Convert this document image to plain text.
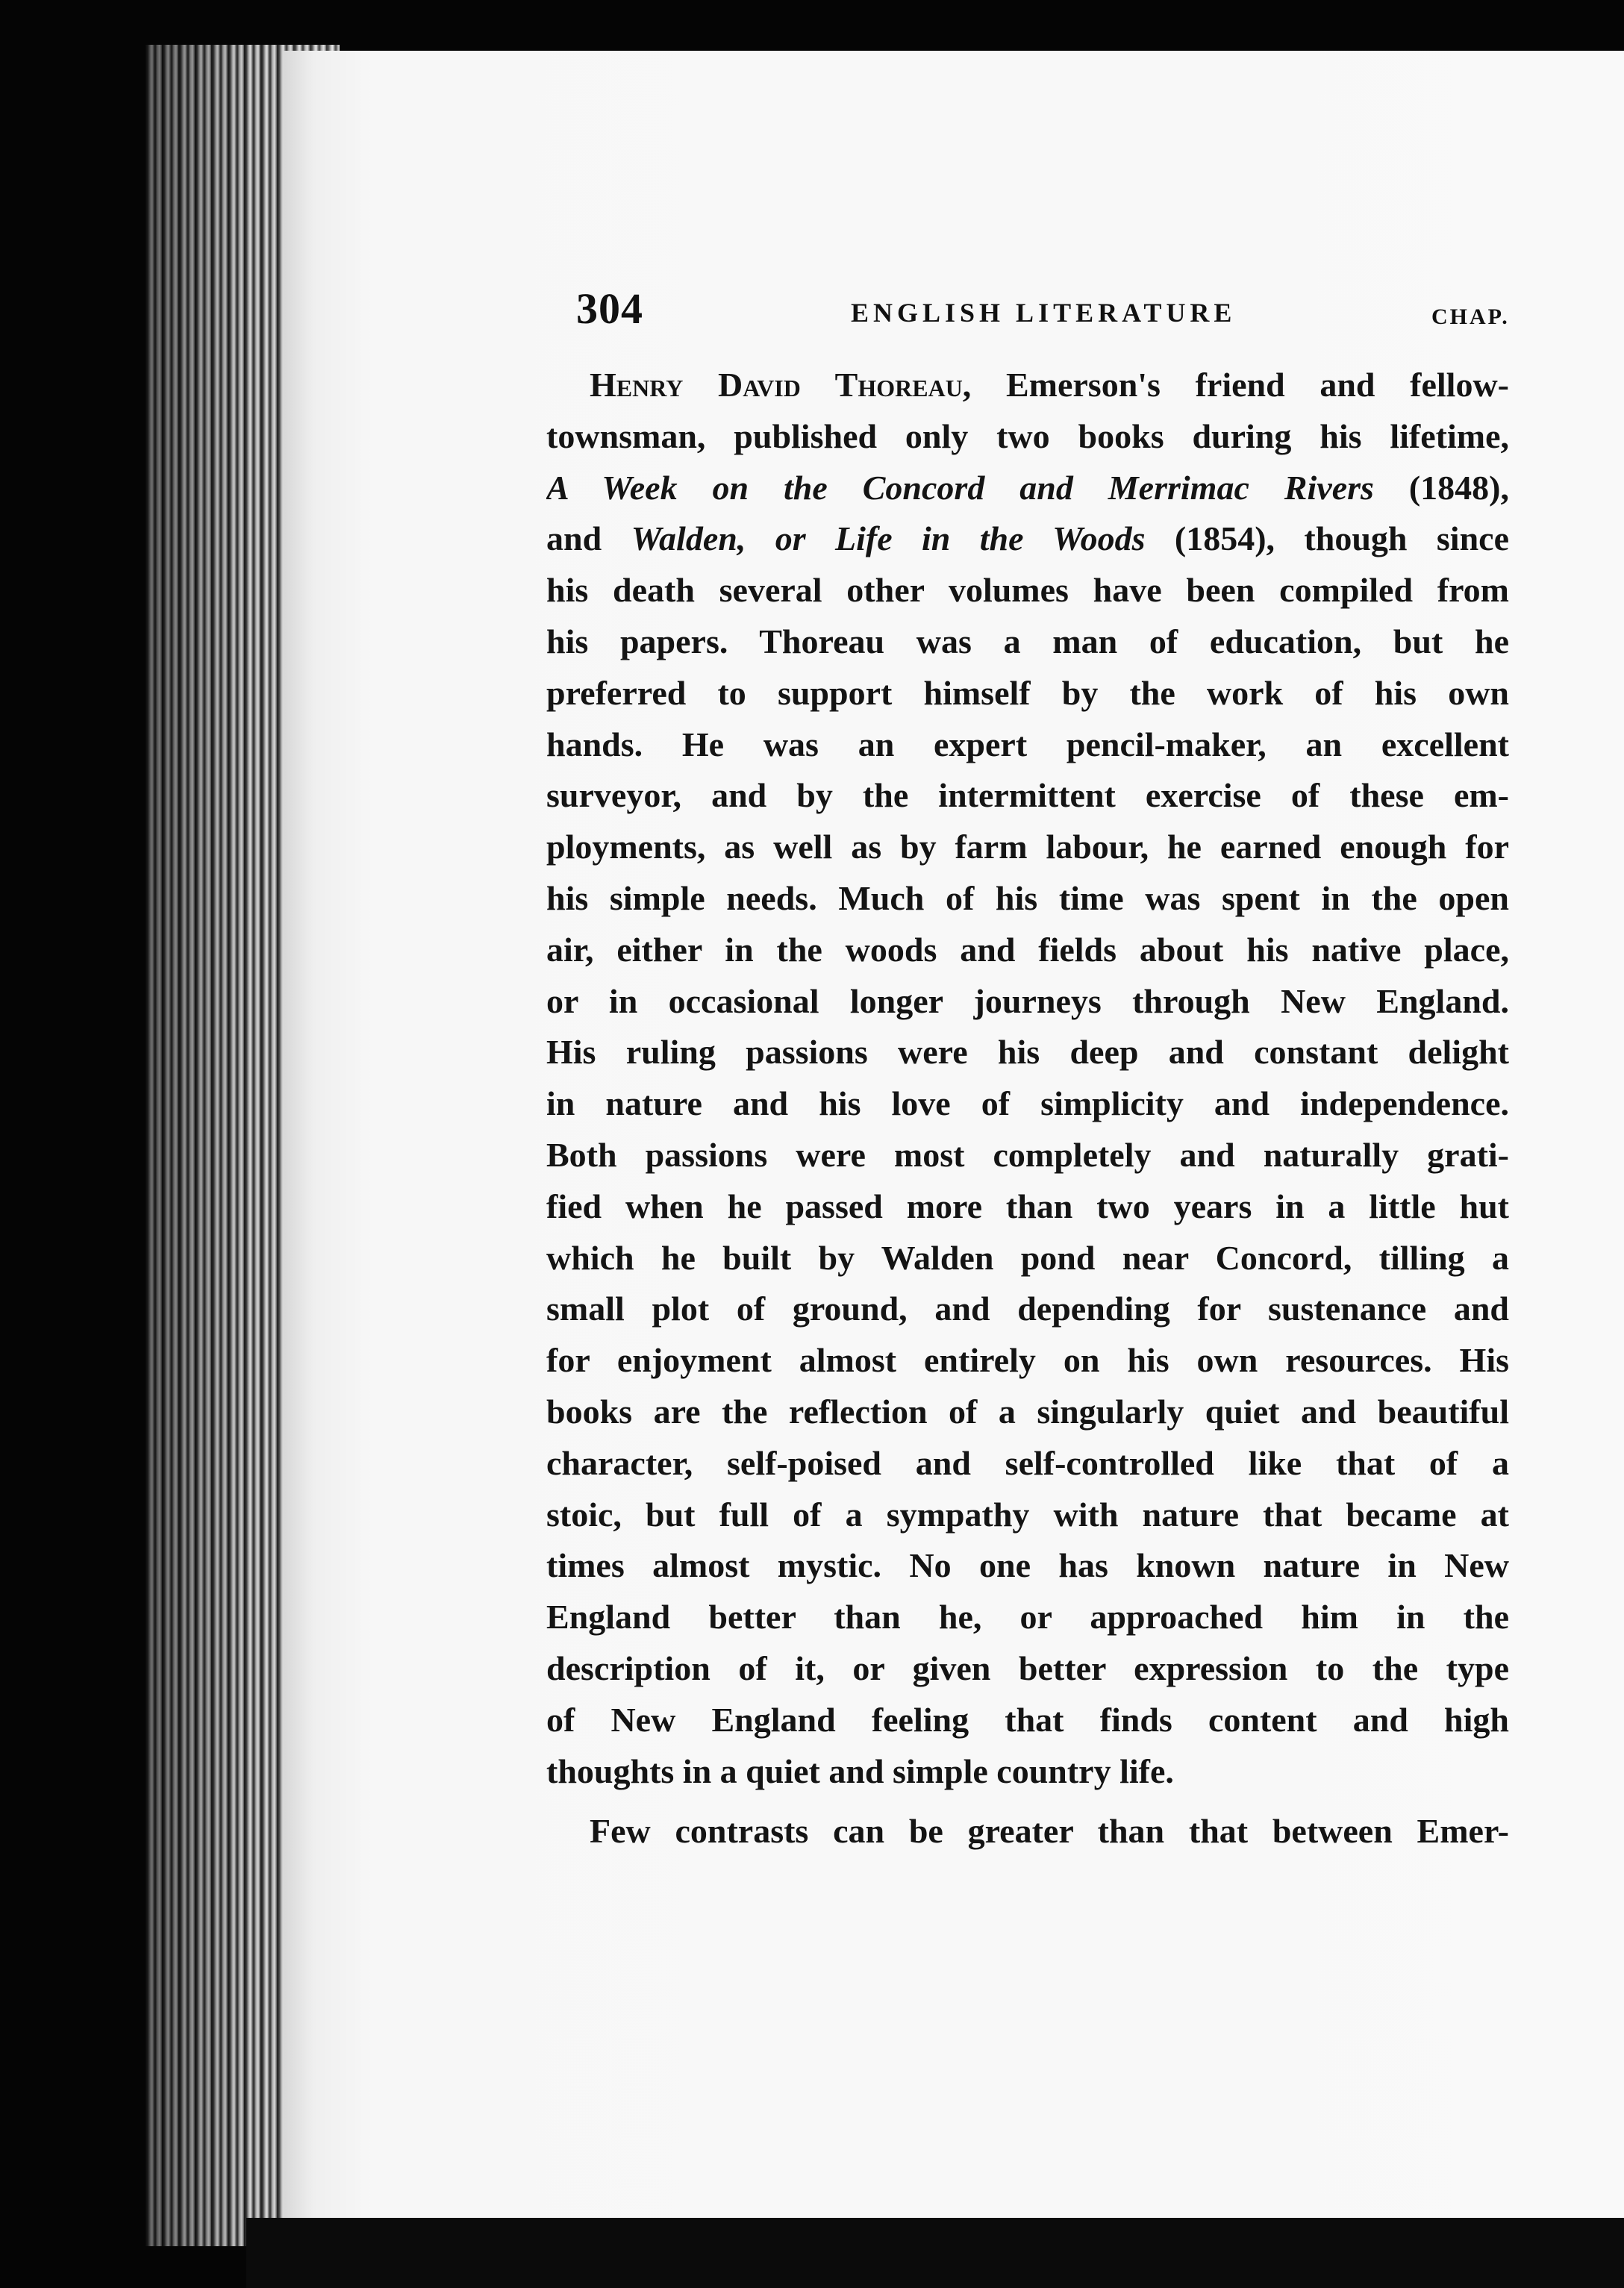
304	ENGLISH LITERATURE	CHAP.
Henry David Thoreau, Emerson's friend and fellow-
townsman, published only two books during his lifetime,
A Week on the Concord and Merrimac Rivers (1848),
and Walden, or Life in the Woods (1854), though since
his death several other volumes have been compiled from
his papers. Thoreau was a man of education, but he
preferred to support himself by the work of his own
hands. He was an expert pencil-maker, an excellent
surveyor, and by the intermittent exercise of these em-
ployments, as well as by farm labour, he earned enough for
his simple needs. Much of his time was spent in the open
air, either in the woods and fields about his native place,
or in occasional longer journeys through New England.
His ruling passions were his deep and constant delight
in nature and his love of simplicity and independence.
Both passions were most completely and naturally grati-
fied when he passed more than two years in a little hut
which he built by Walden pond near Concord, tilling a
small plot of ground, and depending for sustenance and
for enjoyment almost entirely on his own resources. His
books are the reflection of a singularly quiet and beautiful
character, self-poised and self-controlled like that of a
stoic, but full of a sympathy with nature that became at
times almost mystic. No one has known nature in New
England better than he, or approached him in the
description of it, or given better expression to the type
of New England feeling that finds content and high
thoughts in a quiet and simple country life.
Few contrasts can be greater than that between Emer-
